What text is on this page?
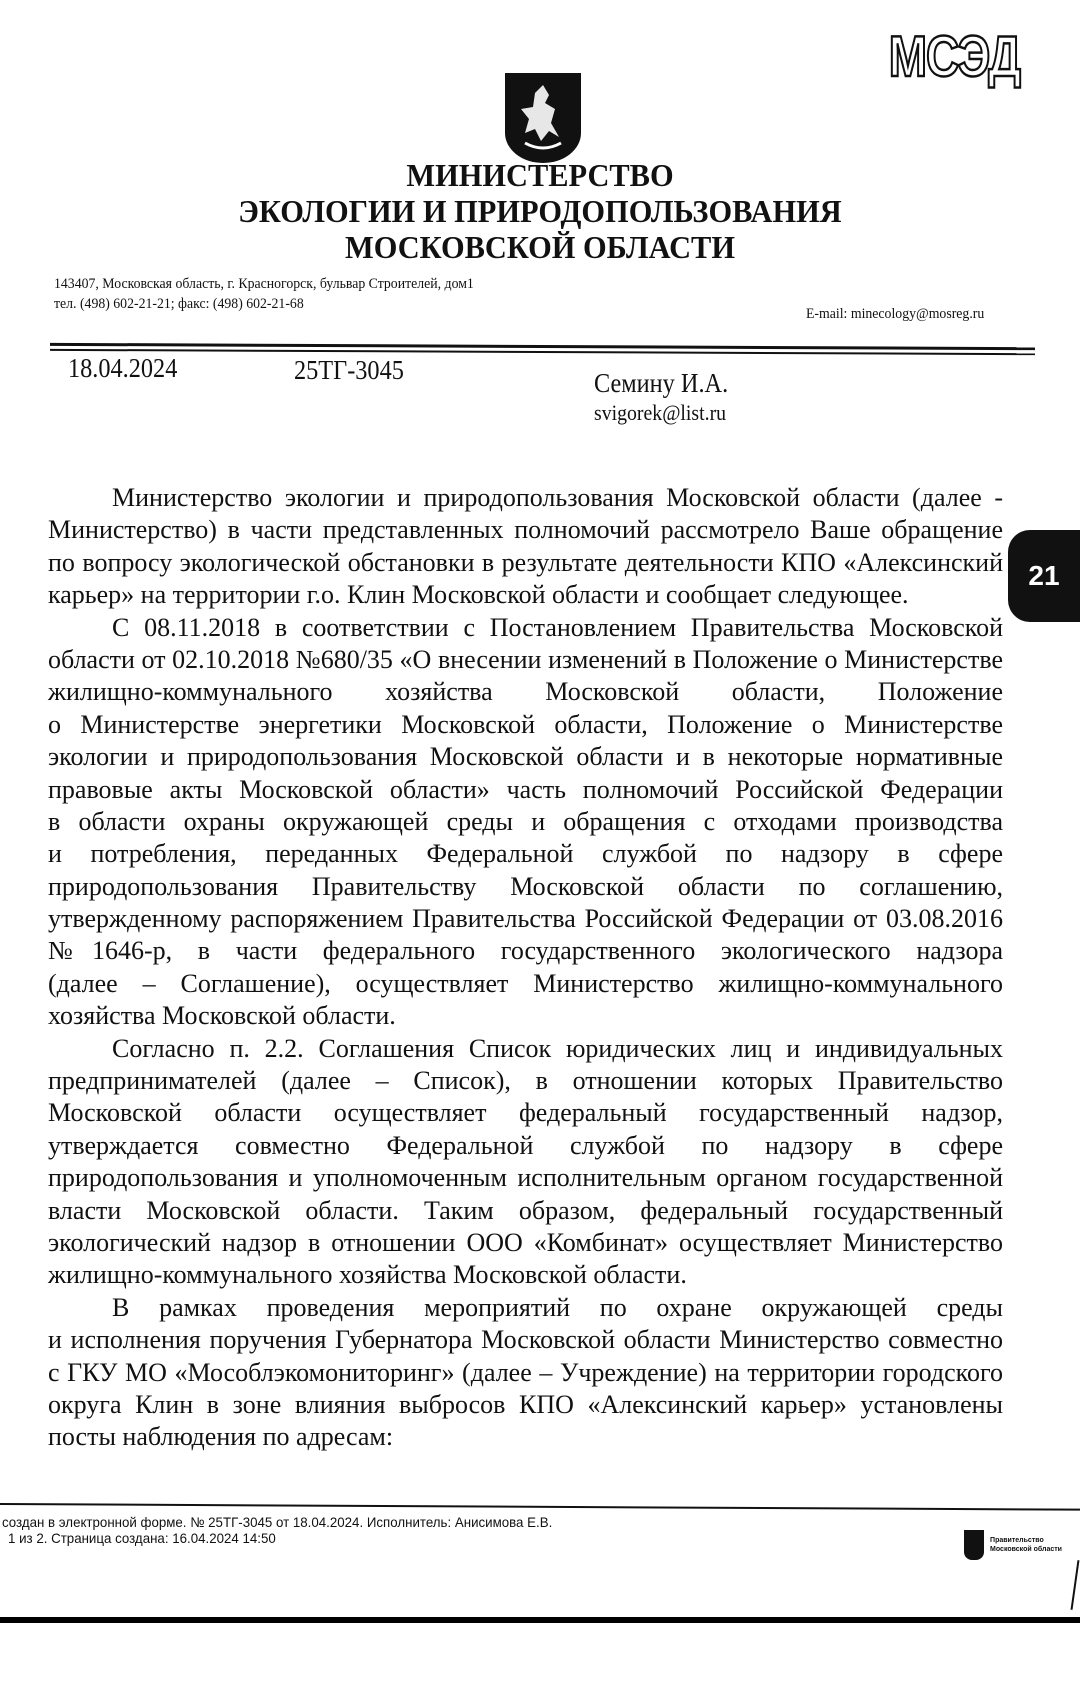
МСЭД
МИНИСТЕРСТВО
ЭКОЛОГИИ И ПРИРОДОПОЛЬЗОВАНИЯ
МОСКОВСКОЙ ОБЛАСТИ
143407, Московская область, г. Красногорск, бульвар Строителей, дом1
тел. (498) 602-21-21; факс: (498) 602-21-68
E-mail: minecology@mosreg.ru
18.04.2024	25ТГ-3045	Семину И.А.
svigorek@list.ru
Министерство экологии и природопользования Московской области (далее -
Министерство) в части представленных полномочий рассмотрело Ваше обращение
по вопросу экологической обстановки в результате деятельности КПО «Алексинский
карьер» на территории г.о. Клин Московской области и сообщает следующее.
С 08.11.2018 в соответствии с Постановлением Правительства Московской
области от 02.10.2018 №680/35 «О внесении изменений в Положение о Министерстве
жилищно-коммунального хозяйства Московской области, Положение
о Министерстве энергетики Московской области, Положение о Министерстве
экологии и природопользования Московской области и в некоторые нормативные
правовые акты Московской области» часть полномочий Российской Федерации
в области охраны окружающей среды и обращения с отходами производства
и потребления, переданных Федеральной службой по надзору в сфере
природопользования Правительству Московской области по соглашению,
утвержденному распоряжением Правительства Российской Федерации от 03.08.2016
№1646-р, в части федерального государственного экологического надзора
(далее – Соглашение), осуществляет Министерство жилищно-коммунального
хозяйства Московской области.
Согласно п. 2.2. Соглашения Список юридических лиц и индивидуальных
предпринимателей (далее – Список), в отношении которых Правительство
Московской области осуществляет федеральный государственный надзор,
утверждается совместно Федеральной службой по надзору в сфере
природопользования и уполномоченным исполнительным органом государственной
власти Московской области. Таким образом, федеральный государственный
экологический надзор в отношении ООО «Комбинат» осуществляет Министерство
жилищно-коммунального хозяйства Московской области.
В рамках проведения мероприятий по охране окружающей среды
и исполнения поручения Губернатора Московской области Министерство совместно
с ГКУ МО «Мособлэкомониторинг» (далее – Учреждение) на территории городского
округа Клин в зоне влияния выбросов КПО «Алексинский карьер» установлены
посты наблюдения по адресам:
21
создан в электронной форме. № 25ТГ-3045 от 18.04.2024. Исполнитель: Анисимова Е.В.
1 из 2. Страница создана: 16.04.2024 14:50	Правительство
Московской области
